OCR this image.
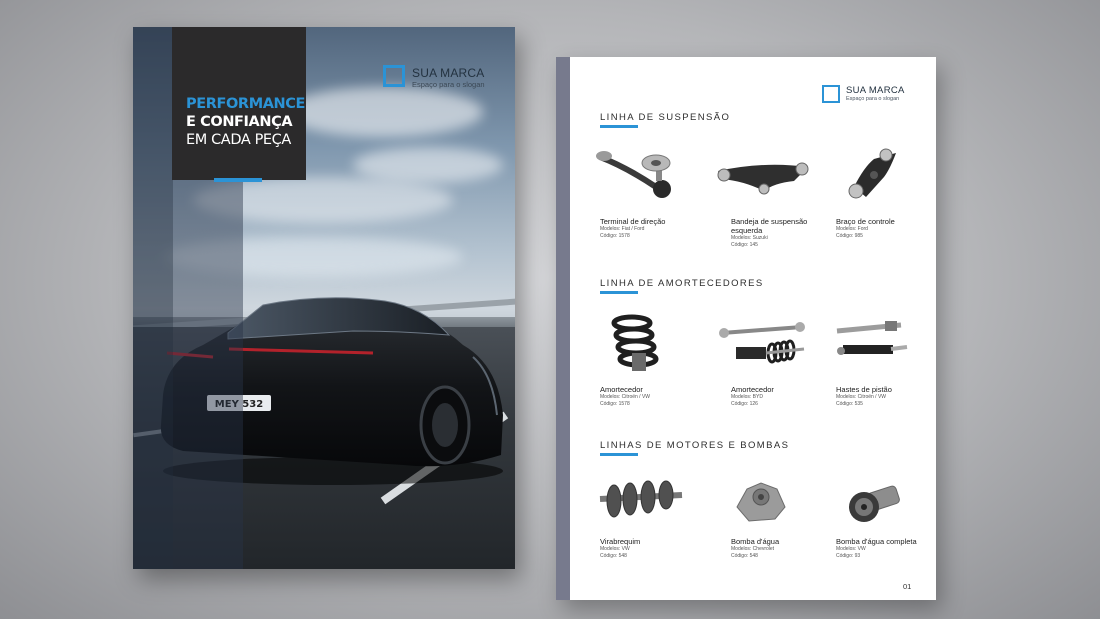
MEY 532
PERFORMANCE
E CONFIANÇA
EM CADA PEÇA
SUA MARCA
Espaço para o slogan
SUA MARCA
Espaço para o slogan
LINHA DE SUSPENSÃO
Terminal de direção
Modelos: Fiat / Ford
Código: 1578
Bandeja de suspensão esquerda
Modelos: Suzuki
Código: 145
Braço de controle
Modelos: Ford
Código: 985
LINHA DE AMORTECEDORES
Amortecedor
Modelos: Citroën / VW
Código: 1578
Amortecedor
Modelos: BYD
Código: 126
Hastes de pistão
Modelos: Citroën / VW
Código: 535
LINHAS DE MOTORES E BOMBAS
Virabrequim
Modelos: VW
Código: 548
Bomba d'água
Modelos: Chevrolet
Código: 548
Bomba d'água completa
Modelos: VW
Código: 93
01
